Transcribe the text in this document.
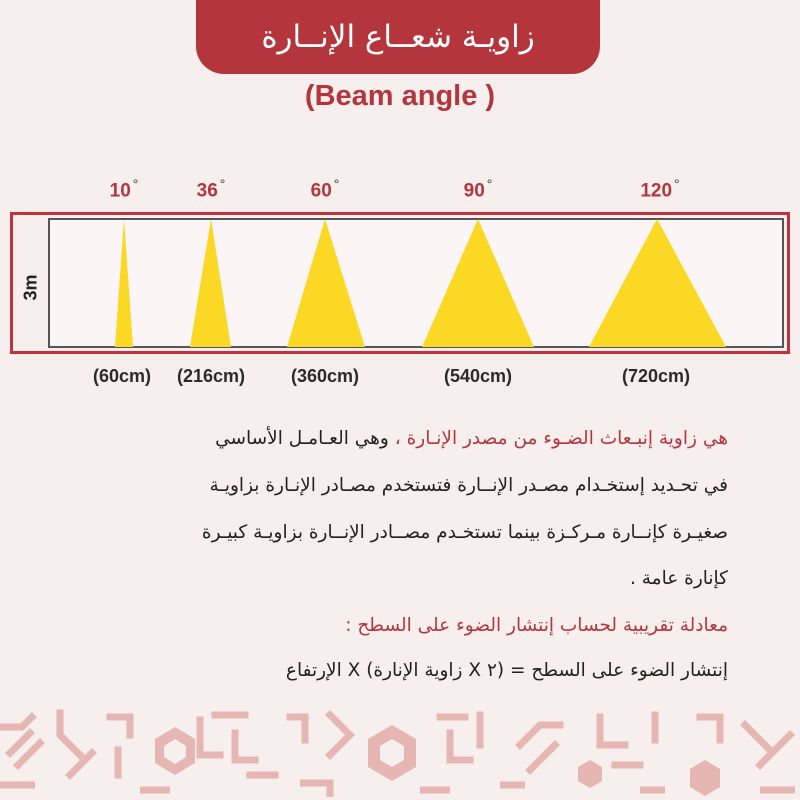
زاويـة شعــاع الإنــارة
(Beam angle )
10 °	36 °	60 °	90 °	120 °
3m
(60cm) (216cm)	(360cm)	(540cm)	(720cm)
هي زاوية إنبـعاث الضـوء من مصدر الإنـارة ، وهي العـامـل الأساسي
في تحـديد إستخـدام مصـدر الإنــارة فتستخدم مصـادر الإنـارة بزاويـة
صغيـرة كإنــارة مـركـزة بينما تستخـدم مصــادر الإنــارة بزاويـة كبيـرة
كإنارة عامة .
معادلة تقريبية لحساب إنتشار الضوء على السطح :
إنتشار الضوء على السطح = (٢ X زاوية الإنارة) X الإرتفاع
